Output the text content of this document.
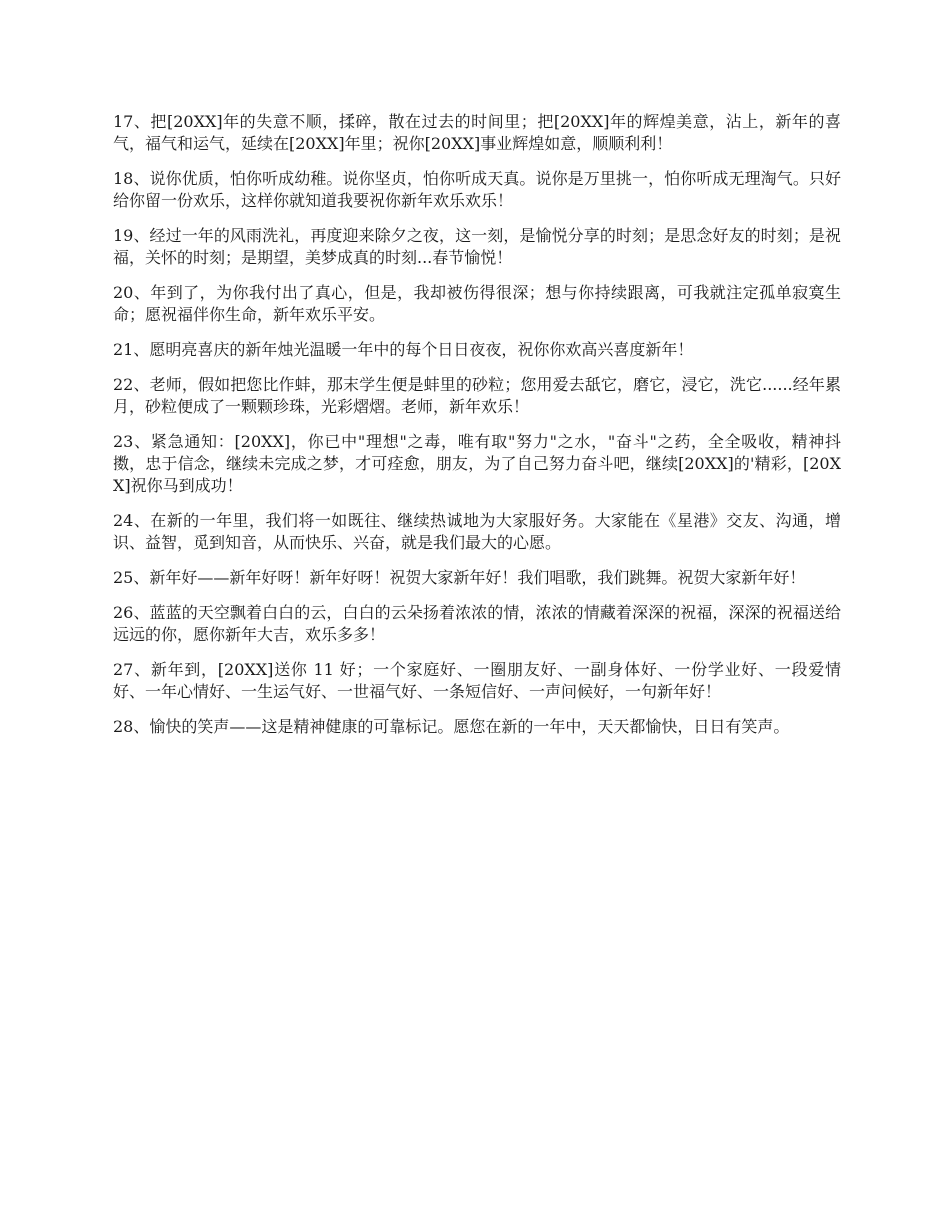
17、把[20XX]年的失意不顺，揉碎，散在过去的时间里；把[20XX]年的辉煌美意，沾上，新年的喜气，福气和运气，延续在[20XX]年里；祝你[20XX]事业辉煌如意，顺顺利利！

18、说你优质，怕你听成幼稚。说你坚贞，怕你听成天真。说你是万里挑一，怕你听成无理淘气。只好给你留一份欢乐，这样你就知道我要祝你新年欢乐欢乐！

19、经过一年的风雨洗礼，再度迎来除夕之夜，这一刻，是愉悦分享的时刻；是思念好友的时刻；是祝福，关怀的时刻；是期望，美梦成真的时刻...春节愉悦！

20、年到了，为你我付出了真心，但是，我却被伤得很深；想与你持续跟离，可我就注定孤单寂寞生命；愿祝福伴你生命，新年欢乐平安。

21、愿明亮喜庆的新年烛光温暖一年中的每个日日夜夜，祝你你欢高兴喜度新年！

22、老师，假如把您比作蚌，那末学生便是蚌里的砂粒；您用爱去舐它，磨它，浸它，洗它......经年累月，砂粒便成了一颗颗珍珠，光彩熠熠。老师，新年欢乐！

23、紧急通知：[20XX]，你已中"理想"之毒，唯有取"努力"之水，"奋斗"之药，全全吸收，精神抖擞，忠于信念，继续未完成之梦，才可痊愈，朋友，为了自己努力奋斗吧，继续[20XX]的'精彩，[20XX]祝你马到成功！

24、在新的一年里，我们将一如既往、继续热诚地为大家服好务。大家能在《星港》交友、沟通，增识、益智，觅到知音，从而快乐、兴奋，就是我们最大的心愿。

25、新年好——新年好呀！新年好呀！祝贺大家新年好！我们唱歌，我们跳舞。祝贺大家新年好！

26、蓝蓝的天空飘着白白的云，白白的云朵扬着浓浓的情，浓浓的情藏着深深的祝福，深深的祝福送给远远的你，愿你新年大吉，欢乐多多！

27、新年到，[20XX]送你 11 好；一个家庭好、一圈朋友好、一副身体好、一份学业好、一段爱情好、一年心情好、一生运气好、一世福气好、一条短信好、一声问候好，一句新年好！

28、愉快的笑声——这是精神健康的可靠标记。愿您在新的一年中，天天都愉快，日日有笑声。
